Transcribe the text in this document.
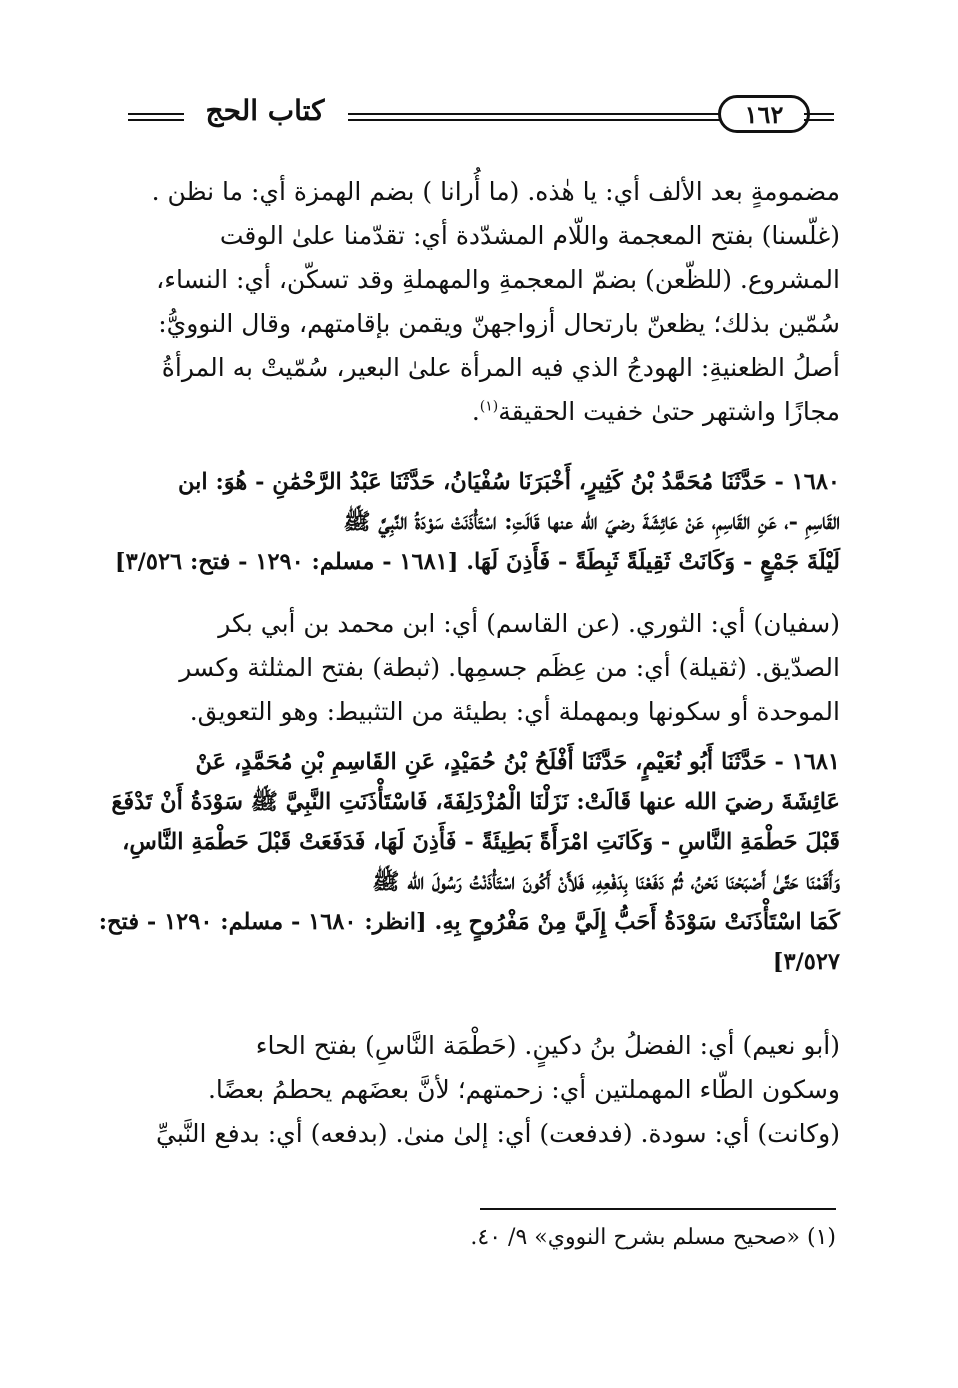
كتاب الحج	١٦٢
مضمومةٍ بعد الألف أي: يا هٰذه. (ما أُرانا ) بضم الهمزة أي: ما نظن .
(غلّسنا) بفتح المعجمة واللّام المشدّدة أي: تقدّمنا علىٰ الوقت
المشروع. (للظّعن) بضمّ المعجمةِ والمهملةِ وقد تسكّن، أي: النساء،
سُمّين بذلك؛ يظعنّ بارتحال أزواجهنّ ويقمن بإقامتهم، وقال النوويُّ:
أصلُ الظعنيةِ: الهودجُ الذي فيه المرأة علىٰ البعير، سُمّيتْ به المرأةُ
مجازًا واشتهر حتىٰ خفيت الحقيقة$^{(١)}$.
١٦٨٠ - حَدَّثَنَا مُحَمَّدُ بْنُ كَثِيرٍ، أَخْبَرَنَا سُفْيَانُ، حَدَّثَنَا عَبْدُ الرَّحْمَٰنِ - هُوَ: ابن
القَاسِمِ -، عَنِ القَاسِمِ، عَنْ عَائِشَةَ رضيَ الله عنها قَالَتِ: اسْتَأْذَنَتْ سَوْدَةُ النَّبِيَّ ﷺ
لَيْلَةَ جَمْعٍ - وَكَانَتْ ثَقِيلَةً ثَبِطَةً - فَأَذِنَ لَهَا. [١٦٨١ - مسلم: ١٢٩٠ - فتح: ٣/٥٢٦]
(سفيان) أي: الثوري. (عن القاسم) أي: ابن محمد بن أبي بكر
الصدّيق. (ثقيلة) أي: من عِظَم جسمِها. (ثبطة) بفتح المثلثة وكسر
الموحدة أو سكونها وبمهملة أي: بطيئة من التثبيط: وهو التعويق.
١٦٨١ - حَدَّثَنَا أَبُو نُعَيْمٍ، حَدَّثَنَا أَفْلَحُ بْنُ حُمَيْدٍ، عَنِ القَاسِمِ بْنِ مُحَمَّدٍ، عَنْ
عَائِشَةَ رضيَ الله عنها قَالَتْ: نَزَلْنَا الْمُزْدَلِفَةَ، فَاسْتَأْذَنَتِ النَّبِيَّ ﷺ سَوْدَةُ أَنْ تَدْفَعَ
قَبْلَ حَطْمَةِ النَّاسِ - وَكَانَتِ امْرَأَةً بَطِيئَةً - فَأَذِنَ لَهَا، فَدَفَعَتْ قَبْلَ حَطْمَةِ النَّاسِ،
وَأَقَمْنَا حَتَّىٰ أَصْبَحْنَا نَحْنُ، ثُمَّ دَفَعْنَا بِدَفْعِهِ، فَلأَنْ أَكُونَ اسْتَأْذَنْتُ رَسُولَ الله ﷺ
كَمَا اسْتَأْذَنَتْ سَوْدَةُ أَحَبُّ إِلَيَّ مِنْ مَفْرُوحٍ بِهِ. [انظر: ١٦٨٠ - مسلم: ١٢٩٠ - فتح:
٣/٥٢٧]
(أبو نعيم) أي: الفضلُ بنُ دكينٍ. (حَطْمَة النَّاسِ) بفتح الحاء
وسكون الطّاء المهملتين أي: زحمتهم؛ لأنَّ بعضَهم يحطمُ بعضًا.
(وكانت) أي: سودة. (فدفعت) أي: إلىٰ منىٰ. (بدفعه) أي: بدفع النَّبيِّ
(١) «صحيح مسلم بشرح النووي» ٩/ ٤٠.
